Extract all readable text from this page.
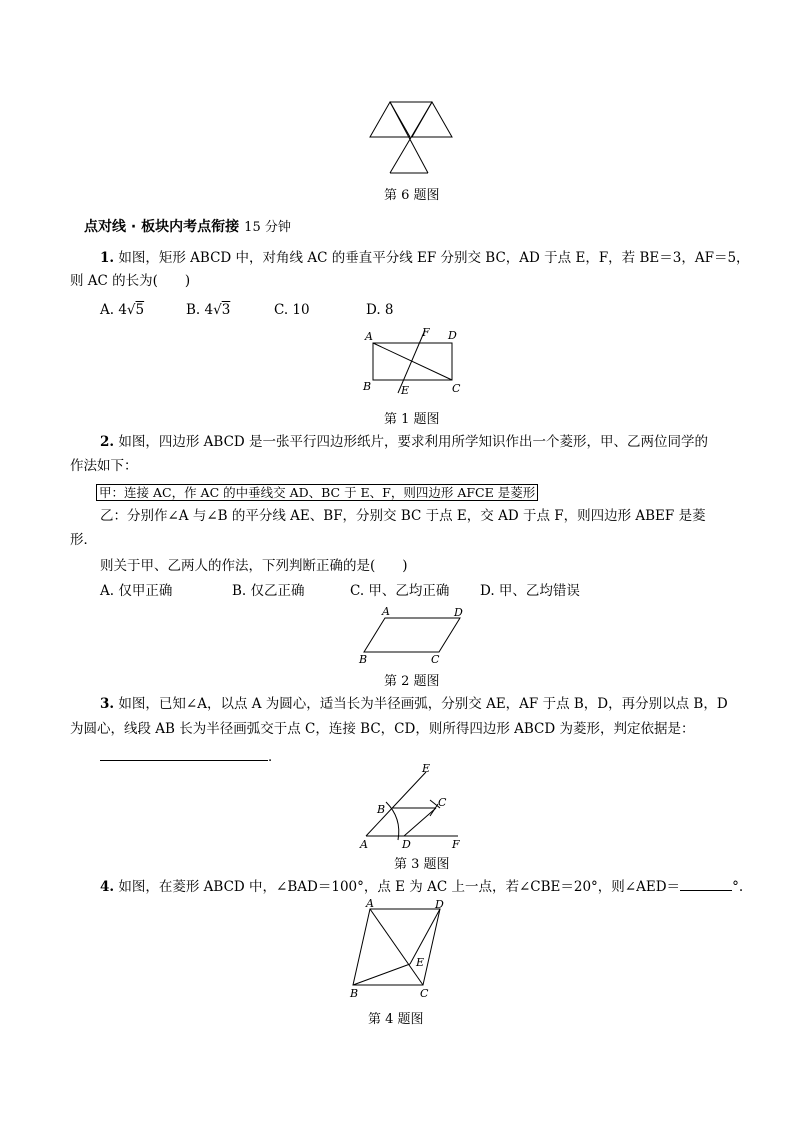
第 6 题图
点对线 · 板块内考点衔接 15 分钟
1. 如图，矩形 ABCD 中，对角线 AC 的垂直平分线 EF 分别交 BC，AD 于点 E，F，若 BE＝3，AF＝5，
则 AC 的长为(　　)
A. 4√5	B. 4√3	C. 10	D. 8
A	F D
B	E	C
第 1 题图
2. 如图，四边形 ABCD 是一张平行四边形纸片，要求利用所学知识作出一个菱形，甲、乙两位同学的
作法如下：
甲：连接 AC，作 AC 的中垂线交 AD、BC 于 E、F，则四边形 AFCE 是菱形
乙：分别作∠A 与∠B 的平分线 AE、BF，分别交 BC 于点 E，交 AD 于点 F，则四边形 ABEF 是菱
形．
则关于甲、乙两人的作法，下列判断正确的是(　　)
A. 仅甲正确	B. 仅乙正确	C. 甲、乙均正确 D. 甲、乙均错误
A	D
B	C
第 2 题图
3. 如图，已知∠A，以点 A 为圆心，适当长为半径画弧，分别交 AE，AF 于点 B，D，再分别以点 B，D
为圆心，线段 AB 长为半径画弧交于点 C，连接 BC，CD，则所得四边形 ABCD 为菱形，判定依据是：
．
E
B
C
A	D	F
第 3 题图
4. 如图，在菱形 ABCD 中，∠BAD＝100°，点 E 为 AC 上一点，若∠CBE＝20°，则∠AED＝	°.
A	D
E
B	C
第 4 题图
